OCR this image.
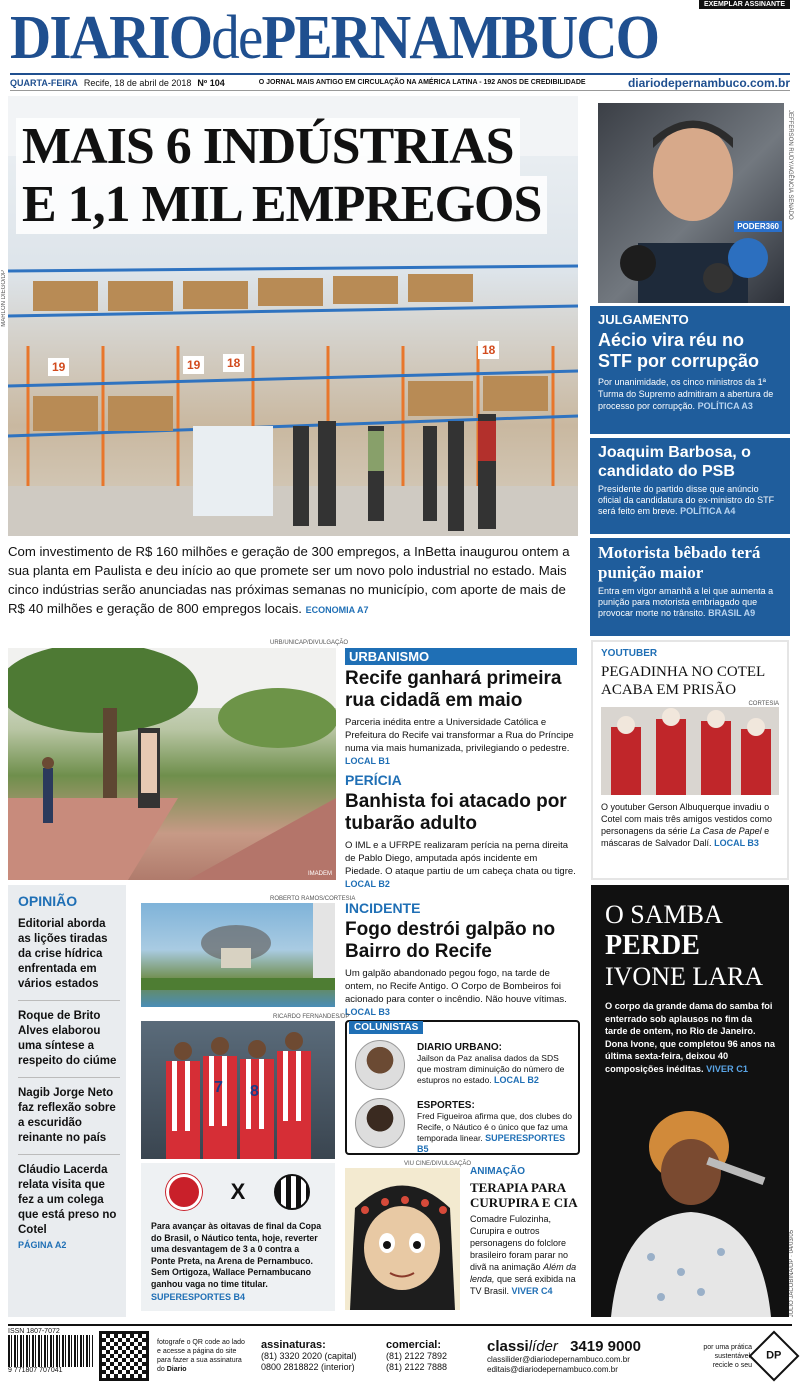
EXEMPLAR ASSINANTE
DIARIOdePERNAMBUCO
QUARTA-FEIRA Recife, 18 de abril de 2018 Nº 104	O JORNAL MAIS ANTIGO EM CIRCULAÇÃO NA AMÉRICA LATINA - 192 ANOS DE CREDIBILIDADE	diariodepernambuco.com.br
19	19	18
18
MAIS 6 INDÚSTRIAS
E 1,1 MIL EMPREGOS
MARLON DIEGO/DP
Com investimento de R$ 160 milhões e geração de 300 empregos, a InBetta inaugurou ontem a sua planta em Paulista e deu início ao que promete ser um novo polo industrial no estado. Mais cinco indústrias serão anunciadas nas próximas semanas no município, com aporte de mais de R$ 40 milhões e geração de 800 empregos locais. ECONOMIA A7
PODER360
JEFFERSON RUDY/AGÊNCIA SENADO
JULGAMENTO
Aécio vira réu no STF por corrupção
Por unanimidade, os cinco ministros da 1ª Turma do Supremo admitiram a abertura de processo por corrupção. POLÍTICA A3
Joaquim Barbosa, o candidato do PSB
Presidente do partido disse que anúncio oficial da candidatura do ex-ministro do STF será feito em breve. POLÍTICA A4
Motorista bêbado terá punição maior
Entra em vigor amanhã a lei que aumenta a punição para motorista embriagado que provocar morte no trânsito. BRASIL A9
URB/UNICAP/DIVULGAÇÃO
IMADEM
URBANISMO
Recife ganhará primeira rua cidadã em maio
Parceria inédita entre a Universidade Católica e Prefeitura do Recife vai transformar a Rua do Príncipe numa via mais humanizada, privilegiando o pedestre. LOCAL B1
PERÍCIA
Banhista foi atacado por tubarão adulto
O IML e a UFRPE realizaram perícia na perna direita de Pablo Diego, amputada após incidente em Piedade. O ataque partiu de um cabeça chata ou tigre. LOCAL B2
YOUTUBER
PEGADINHA NO COTEL ACABA EM PRISÃO
CORTESIA
O youtuber Gerson Albuquerque invadiu o Cotel com mais três amigos vestidos como personagens da série La Casa de Papel e máscaras de Salvador Dalí. LOCAL B3
OPINIÃO
Editorial aborda as lições tiradas da crise hídrica enfrentada em vários estados
Roque de Brito Alves elaborou uma síntese a respeito do ciúme
Nagib Jorge Neto faz reflexão sobre a escuridão reinante no país
Cláudio Lacerda relata visita que fez a um colega que está preso no Cotel
PÁGINA A2
ROBERTO RAMOS/CORTESIA
INCIDENTE
Fogo destrói galpão no Bairro do Recife
Um galpão abandonado pegou fogo, na tarde de ontem, no Recife Antigo. O Corpo de Bombeiros foi acionado para conter o incêndio. Não houve vítimas. LOCAL B3
RICARDO FERNANDES/DP
7 8
X
Para avançar às oitavas de final da Copa do Brasil, o Náutico tenta, hoje, reverter uma desvantagem de 3 a 0 contra a Ponte Preta, na Arena de Pernambuco. Sem Ortigoza, Wallace Pernambucano ganhou vaga no time titular.
SUPERESPORTES B4
COLUNISTAS
DIARIO URBANO:
Jailson da Paz analisa dados da SDS que mostram diminuição do número de estupros no estado. LOCAL B2
ESPORTES:
Fred Figueiroa afirma que, dos clubes do Recife, o Náutico é o único que faz uma temporada linear. SUPERESPORTES B5
VIU CINE/DIVULGAÇÃO
ANIMAÇÃO
TERAPIA PARA CURUPIRA E CIA
Comadre Fulozinha, Curupira e outros personagens do folclore brasileiro foram parar no divã na animação Além da lenda, que será exibida na TV Brasil. VIVER C4
O SAMBA
PERDE
IVONE LARA
O corpo da grande dama do samba foi enterrado sob aplausos no fim da tarde de ontem, no Rio de Janeiro. Dona Ivone, que completou 96 anos na última sexta-feira, deixou 40 composições inéditas. VIVER C1
JULIO JACOBINA/DP · 04/03/05
ISSN 1807-7072
9 771807 707041
fotografe o QR code ao lado e acesse a página do site para fazer a sua assinatura do Diario
assinaturas:
(81) 3320 2020 (capital)
0800 2818822 (interior)
comercial:
(81) 2122 7892
(81) 2122 7888
classilíder 3419 9000
classilider@diariodepernambuco.com.br
editais@diariodepernambuco.com.br
por uma prática sustentável, recicle o seu
DP
